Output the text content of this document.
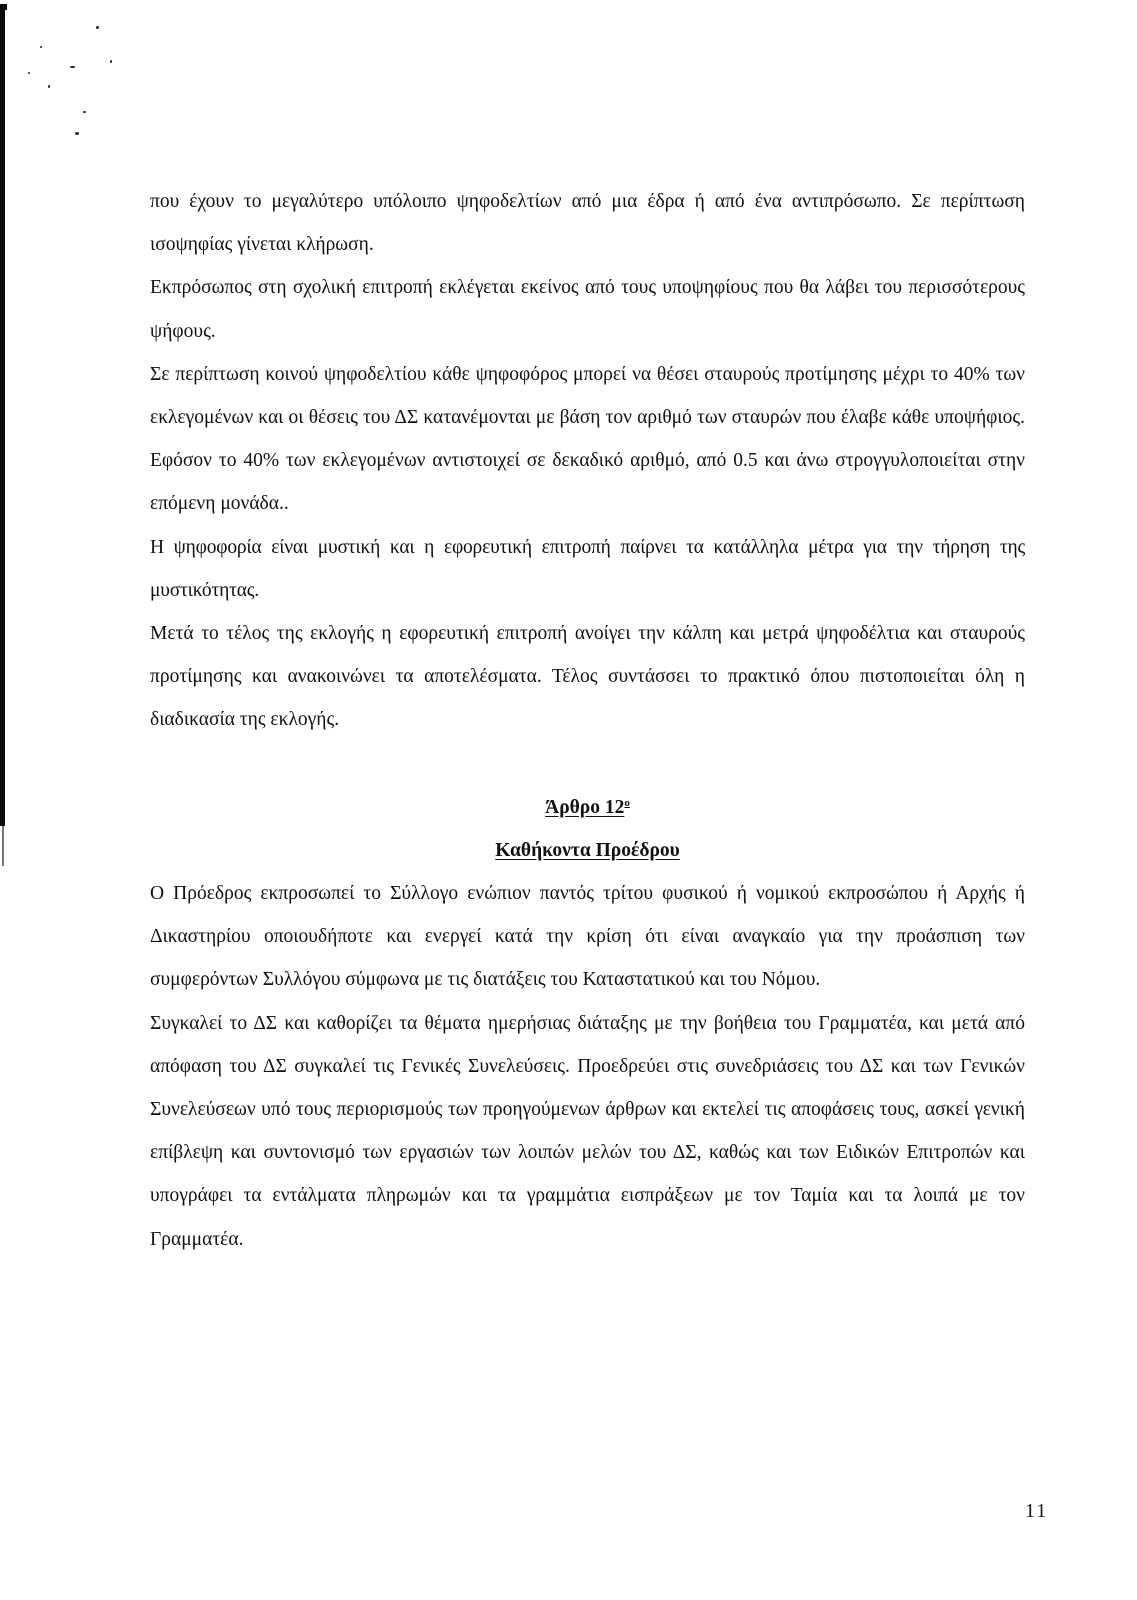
που έχουν το μεγαλύτερο υπόλοιπο ψηφοδελτίων από μια έδρα ή από ένα αντιπρόσωπο. Σε περίπτωση ισοψηφίας γίνεται κλήρωση.

Εκπρόσωπος στη σχολική επιτροπή εκλέγεται εκείνος από τους υποψηφίους που θα λάβει του περισσότερους ψήφους.

Σε περίπτωση κοινού ψηφοδελτίου κάθε ψηφοφόρος μπορεί να θέσει σταυρούς προτίμησης μέχρι το 40% των εκλεγομένων και οι θέσεις του ΔΣ κατανέμονται με βάση τον αριθμό των σταυρών που έλαβε κάθε υποψήφιος. Εφόσον το 40% των εκλεγομένων αντιστοιχεί σε δεκαδικό αριθμό, από 0.5 και άνω στρογγυλοποιείται στην επόμενη μονάδα..

Η ψηφοφορία είναι μυστική και η εφορευτική επιτροπή παίρνει τα κατάλληλα μέτρα για την τήρηση της μυστικότητας.

Μετά το τέλος της εκλογής η εφορευτική επιτροπή ανοίγει την κάλπη και μετρά ψηφοδέλτια και σταυρούς προτίμησης και ανακοινώνει τα αποτελέσματα. Τέλος συντάσσει το πρακτικό όπου πιστοποιείται όλη η διαδικασία της εκλογής.

Άρθρο $12^o$
Καθήκοντα Προέδρου

Ο Πρόεδρος εκπροσωπεί το Σύλλογο ενώπιον παντός τρίτου φυσικού ή νομικού εκπροσώπου ή Αρχής ή Δικαστηρίου οποιουδήποτε και ενεργεί κατά την κρίση ότι είναι αναγκαίο για την προάσπιση των συμφερόντων Συλλόγου σύμφωνα με τις διατάξεις του Καταστατικού και του Νόμου.

Συγκαλεί το ΔΣ και καθορίζει τα θέματα ημερήσιας διάταξης με την βοήθεια του Γραμματέα, και μετά από απόφαση του ΔΣ συγκαλεί τις Γενικές Συνελεύσεις. Προεδρεύει στις συνεδριάσεις του ΔΣ και των Γενικών Συνελεύσεων υπό τους περιορισμούς των προηγούμενων άρθρων και εκτελεί τις αποφάσεις τους, ασκεί γενική επίβλεψη και συντονισμό των εργασιών των λοιπών μελών του ΔΣ, καθώς και των Ειδικών Επιτροπών και υπογράφει τα εντάλματα πληρωμών και τα γραμμάτια εισπράξεων με τον Ταμία και τα λοιπά με τον Γραμματέα.

11
